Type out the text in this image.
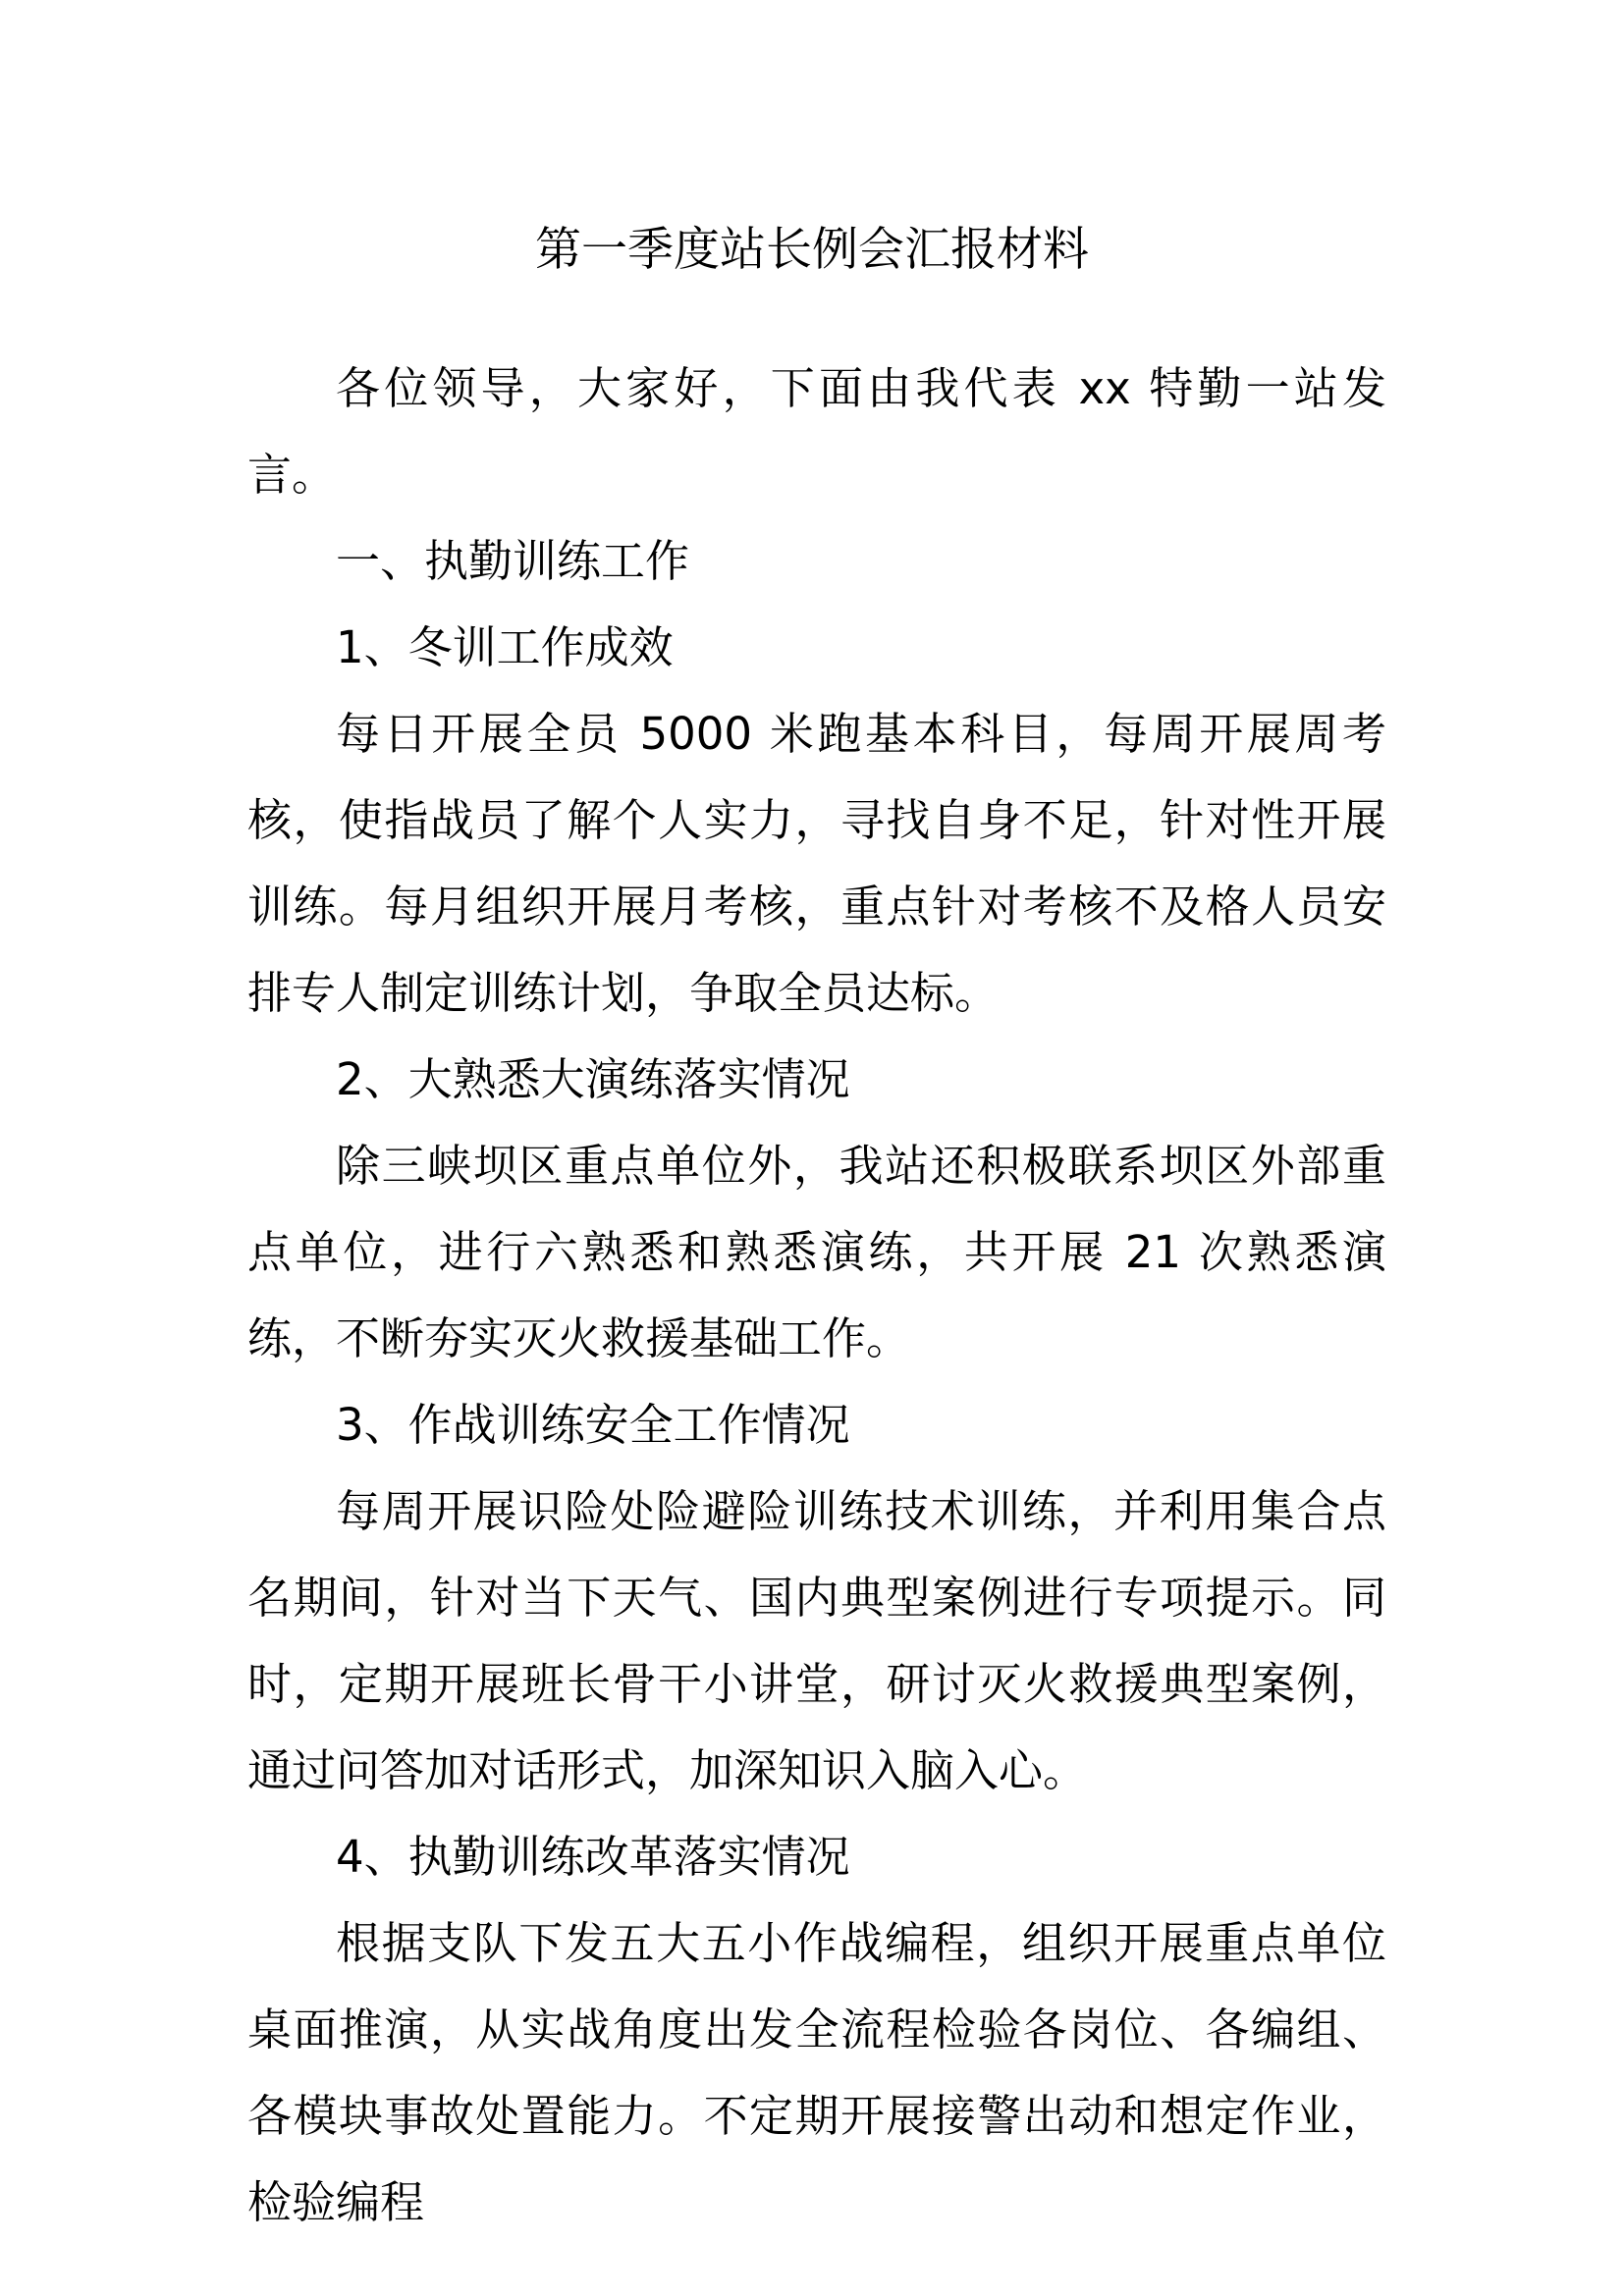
第一季度站长例会汇报材料

各位领导，大家好，下面由我代表 xx 特勤一站发言。

一、执勤训练工作

1、冬训工作成效

每日开展全员 5000 米跑基本科目，每周开展周考核，使指战员了解个人实力，寻找自身不足，针对性开展训练。每月组织开展月考核，重点针对考核不及格人员安排专人制定训练计划，争取全员达标。

2、大熟悉大演练落实情况

除三峡坝区重点单位外，我站还积极联系坝区外部重点单位，进行六熟悉和熟悉演练，共开展 21 次熟悉演练，不断夯实灭火救援基础工作。

3、作战训练安全工作情况

每周开展识险处险避险训练技术训练，并利用集合点名期间，针对当下天气、国内典型案例进行专项提示。同时，定期开展班长骨干小讲堂，研讨灭火救援典型案例，通过问答加对话形式，加深知识入脑入心。

4、执勤训练改革落实情况

根据支队下发五大五小作战编程，组织开展重点单位桌面推演，从实战角度出发全流程检验各岗位、各编组、各模块事故处置能力。不定期开展接警出动和想定作业，检验编程
